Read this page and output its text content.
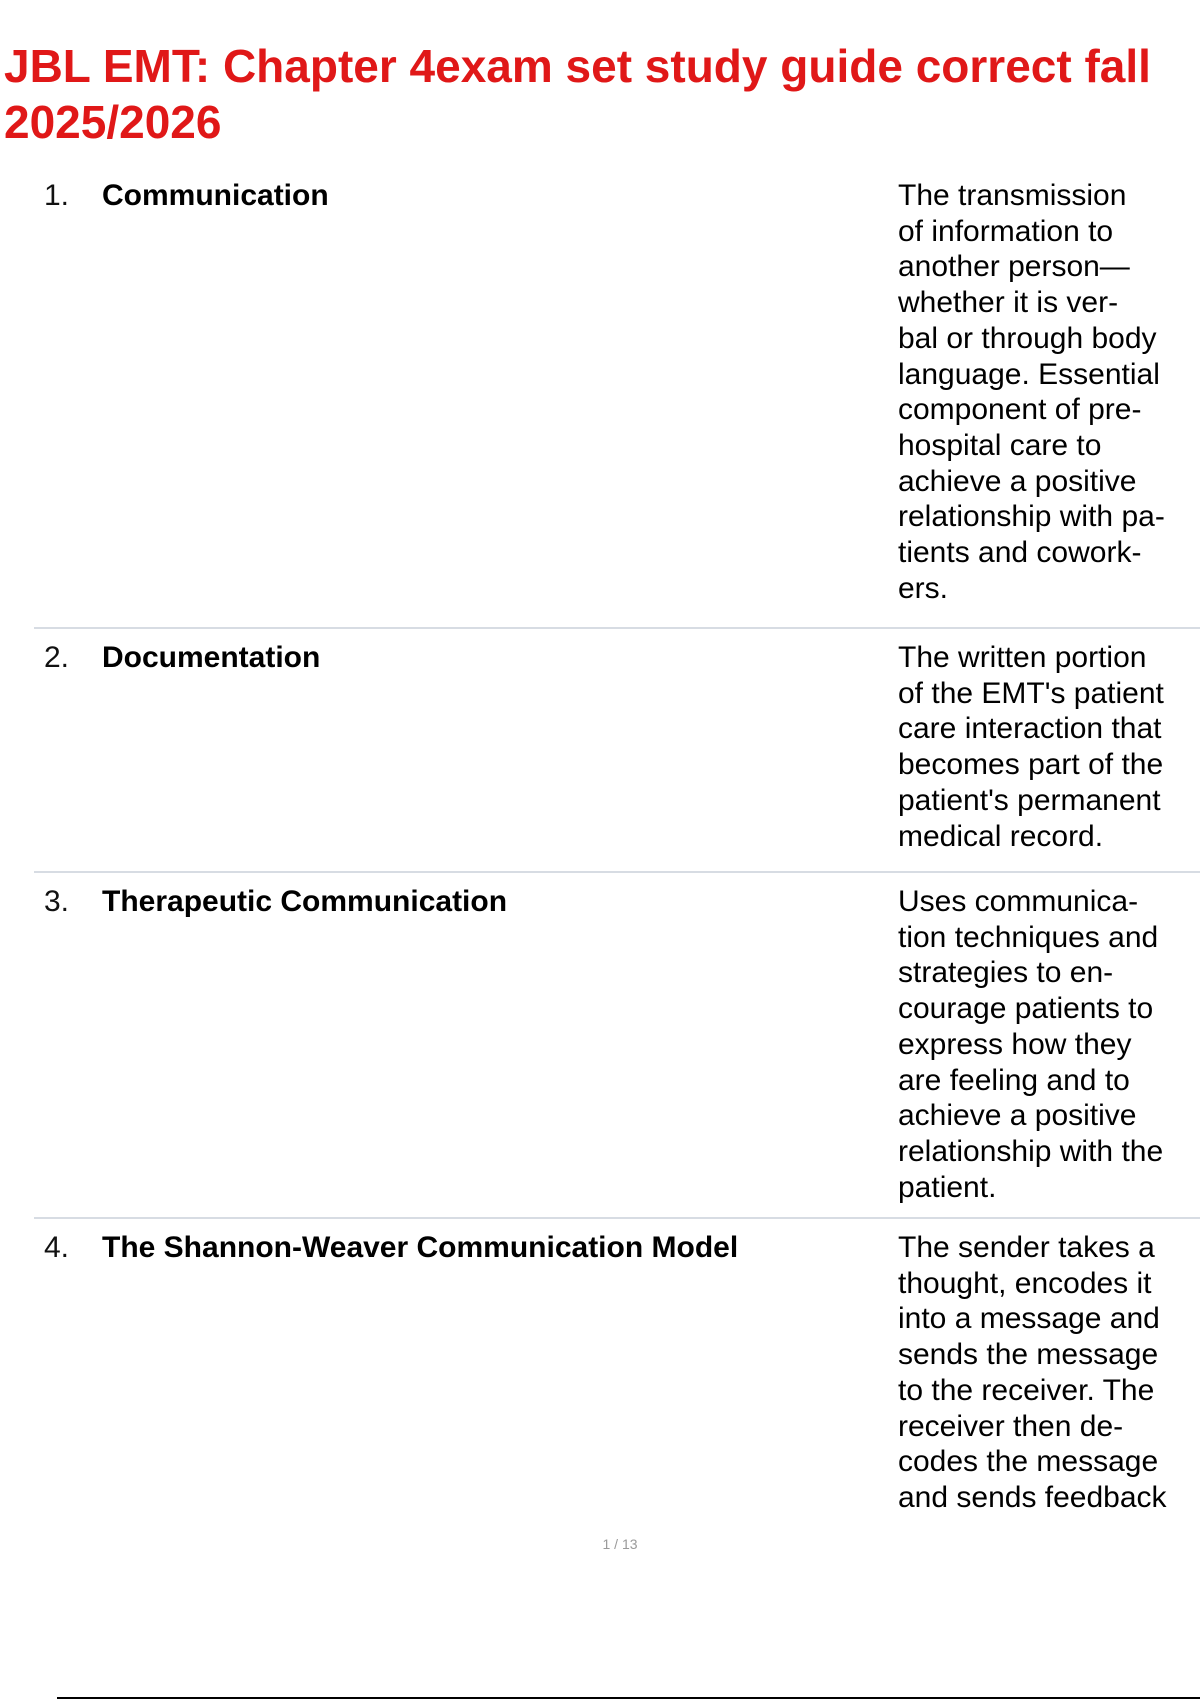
JBL EMT: Chapter 4exam set study guide correct fall
2025/2026
1. Communication	The transmission
of information to
another person—
whether it is ver-
bal or through body
language. Essential
component of pre-
hospital care to
achieve a positive
relationship with pa-
tients and cowork-
ers.
2. Documentation	The written portion
of the EMT's patient
care interaction that
becomes part of the
patient's permanent
medical record.
3. Therapeutic Communication	Uses communica-
tion techniques and
strategies to en-
courage patients to
express how they
are feeling and to
achieve a positive
relationship with the
patient.
4. The Shannon-Weaver Communication Model	The sender takes a
thought, encodes it
into a message and
sends the message
to the receiver. The
receiver then de-
codes the message
and sends feedback
1 / 13
